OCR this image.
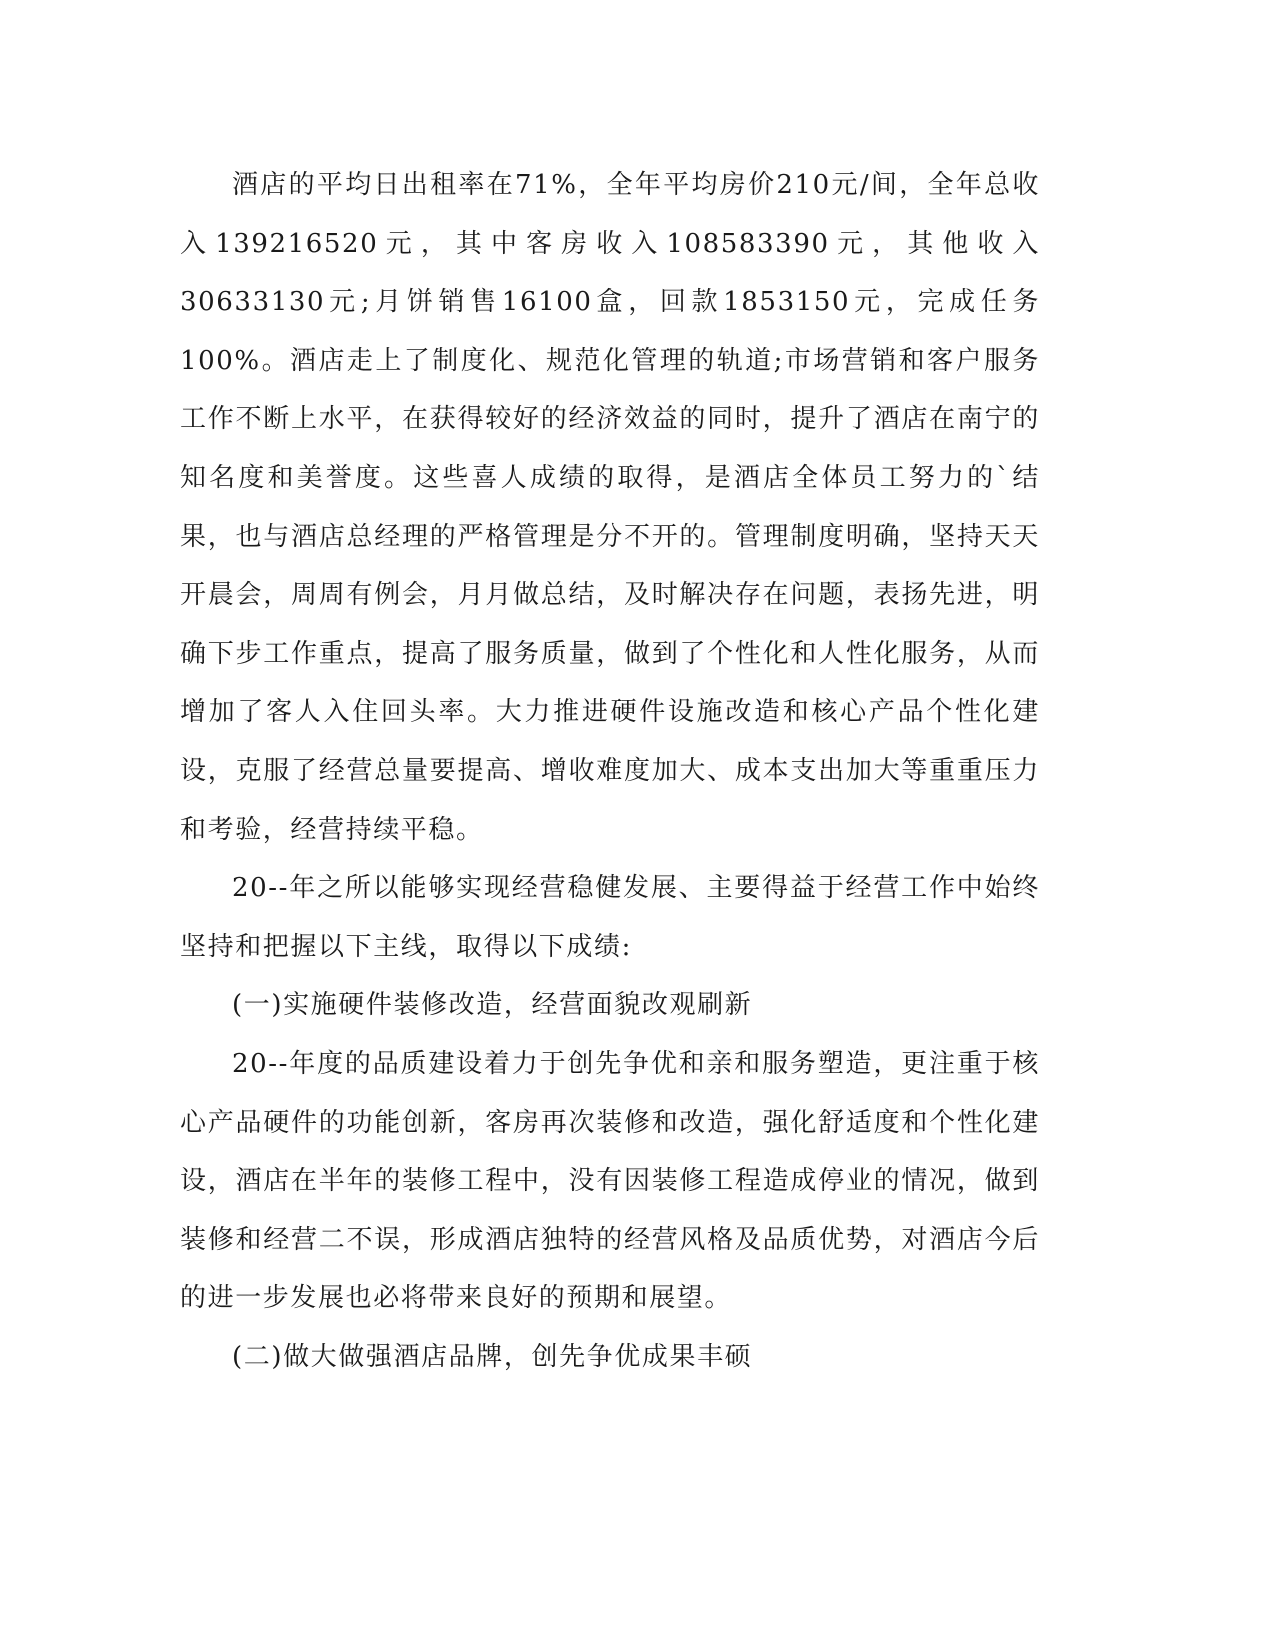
酒店的平均日出租率在71%，全年平均房价210元/间，全年总收入139216520元，其中客房收入108583390元，其他收入30633130元;月饼销售16100盒，回款1853150元，完成任务100%。酒店走上了制度化、规范化管理的轨道;市场营销和客户服务工作不断上水平，在获得较好的经济效益的同时，提升了酒店在南宁的知名度和美誉度。这些喜人成绩的取得，是酒店全体员工努力的`结果，也与酒店总经理的严格管理是分不开的。管理制度明确，坚持天天开晨会，周周有例会，月月做总结，及时解决存在问题，表扬先进，明确下步工作重点，提高了服务质量，做到了个性化和人性化服务，从而增加了客人入住回头率。大力推进硬件设施改造和核心产品个性化建设，克服了经营总量要提高、增收难度加大、成本支出加大等重重压力和考验，经营持续平稳。

20--年之所以能够实现经营稳健发展、主要得益于经营工作中始终坚持和把握以下主线，取得以下成绩:

(一)实施硬件装修改造，经营面貌改观刷新

20--年度的品质建设着力于创先争优和亲和服务塑造，更注重于核心产品硬件的功能创新，客房再次装修和改造，强化舒适度和个性化建设，酒店在半年的装修工程中，没有因装修工程造成停业的情况，做到装修和经营二不误，形成酒店独特的经营风格及品质优势，对酒店今后的进一步发展也必将带来良好的预期和展望。

(二)做大做强酒店品牌，创先争优成果丰硕
